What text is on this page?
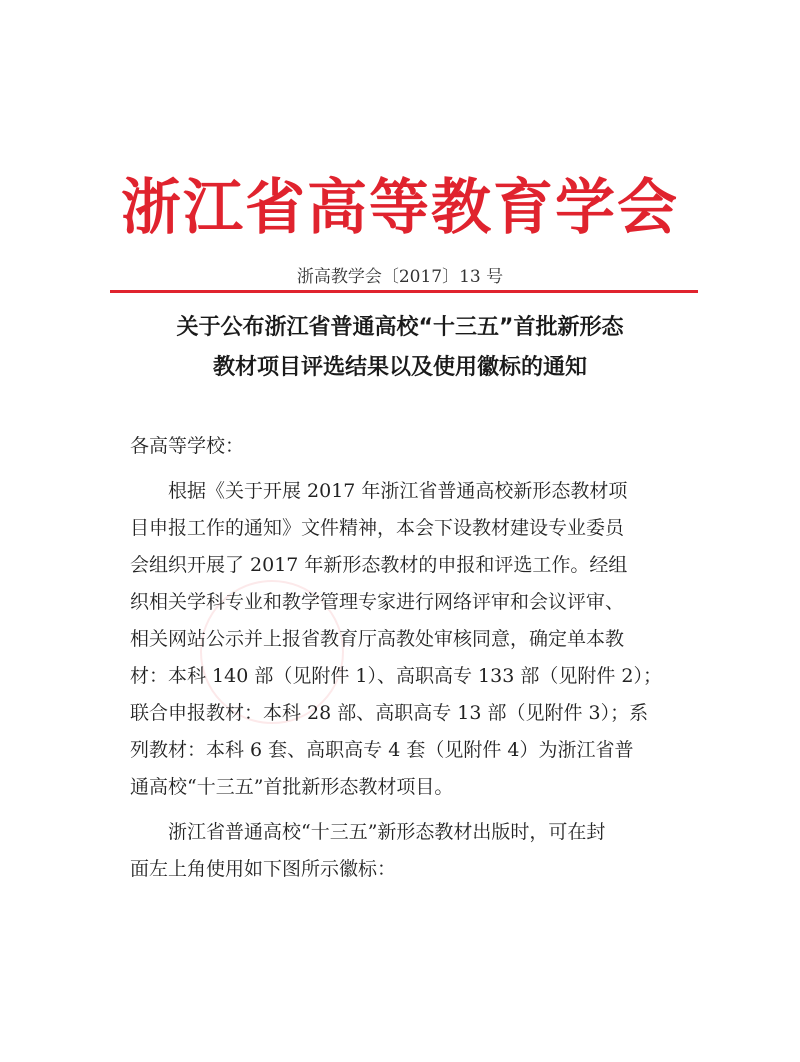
浙江省高等教育学会
浙高教学会〔2017〕13 号
关于公布浙江省普通高校“十三五”首批新形态
教材项目评选结果以及使用徽标的通知
各高等学校：
根据《关于开展 2017 年浙江省普通高校新形态教材项
目申报工作的通知》文件精神，本会下设教材建设专业委员
会组织开展了 2017 年新形态教材的申报和评选工作。经组
织相关学科专业和教学管理专家进行网络评审和会议评审、
相关网站公示并上报省教育厅高教处审核同意，确定单本教
材：本科 140 部（见附件 1）、高职高专 133 部（见附件 2）；
联合申报教材：本科 28 部、高职高专 13 部（见附件 3）；系
列教材：本科 6 套、高职高专 4 套（见附件 4）为浙江省普
通高校“十三五”首批新形态教材项目。
浙江省普通高校“十三五”新形态教材出版时，可在封
面左上角使用如下图所示徽标：
